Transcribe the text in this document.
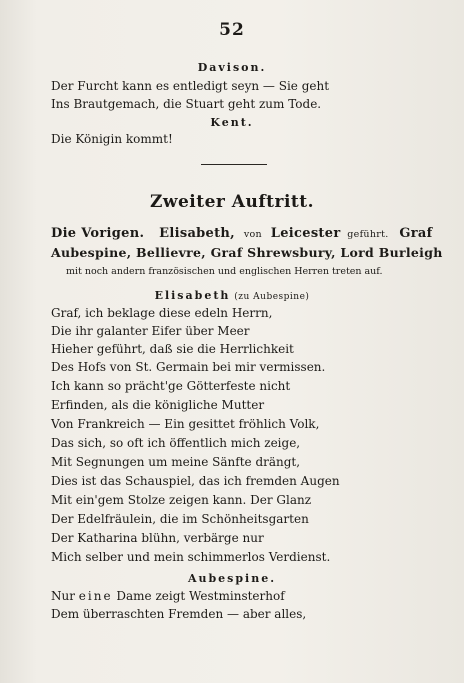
52
Davison.
Der Furcht kann es entledigt seyn — Sie geht
Ins Brautgemach, die Stuart geht zum Tode.
Kent.
Die Königin kommt!
Zweiter Auftritt.
Die Vorigen. Elisabeth, von Leicester geführt. Graf
Aubespine, Bellievre, Graf Shrewsbury, Lord Burleigh
mit noch andern französischen und englischen Herren treten auf.
Elisabeth (zu Aubespine)
Graf, ich beklage diese edeln Herrn,
Die ihr galanter Eifer über Meer
Hieher geführt, daß sie die Herrlichkeit
Des Hofs von St. Germain bei mir vermissen.
Ich kann so prächt'ge Götterfeste nicht
Erfinden, als die königliche Mutter
Von Frankreich — Ein gesittet fröhlich Volk,
Das sich, so oft ich öffentlich mich zeige,
Mit Segnungen um meine Sänfte drängt,
Dies ist das Schauspiel, das ich fremden Augen
Mit ein'gem Stolze zeigen kann. Der Glanz
Der Edelfräulein, die im Schönheitsgarten
Der Katharina blühn, verbärge nur
Mich selber und mein schimmerlos Verdienst.
Aubespine.
Nur eine Dame zeigt Westminsterhof
Dem überraschten Fremden — aber alles,
